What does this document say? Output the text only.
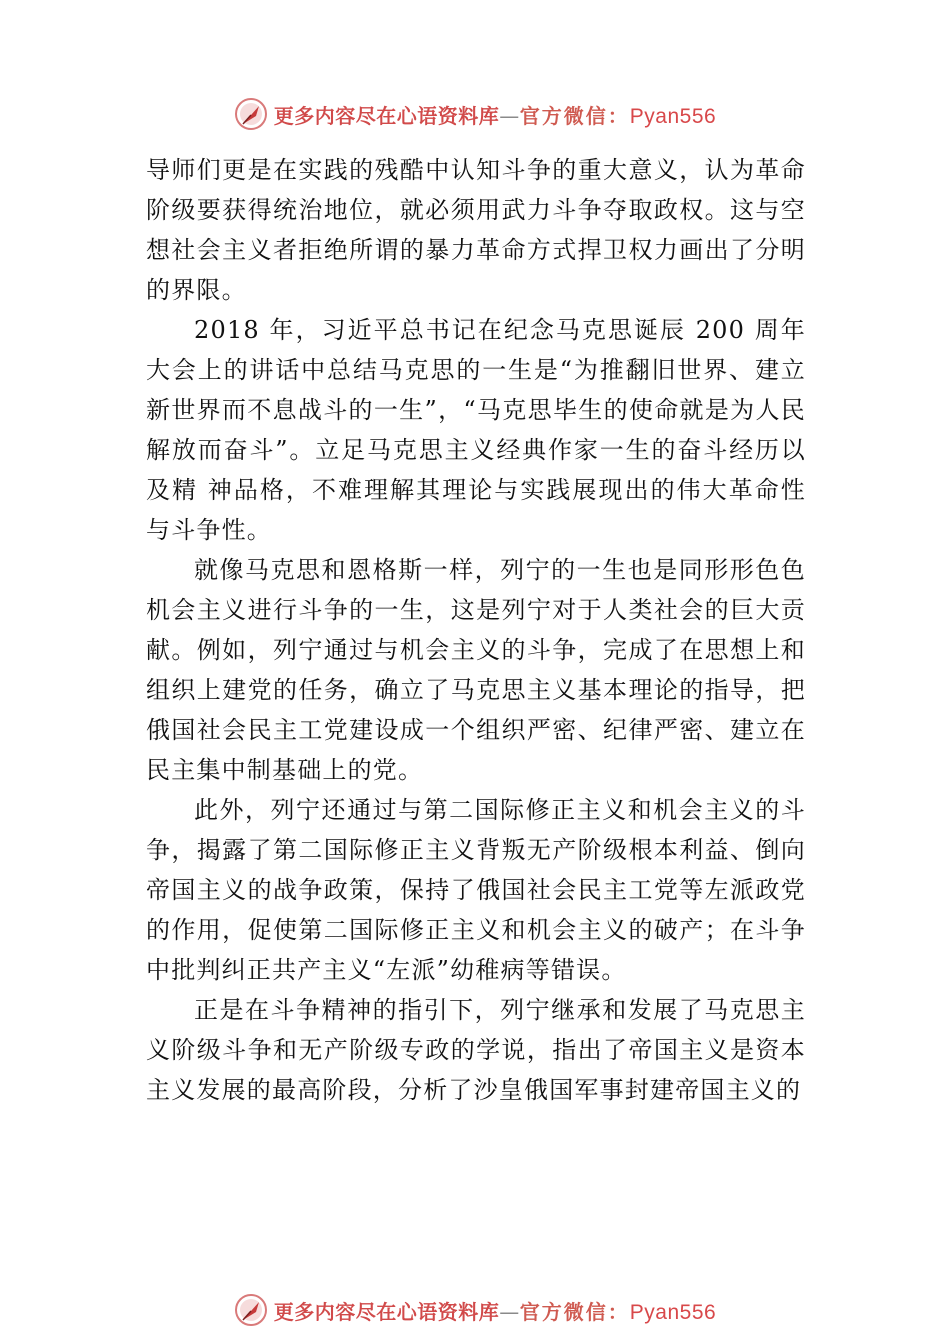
更多内容尽在心语资料库—官方微信：Pyan556

导师们更是在实践的残酷中认知斗争的重大意义，认为革命阶级要获得统治地位，就必须用武力斗争夺取政权。这与空想社会主义者拒绝所谓的暴力革命方式捍卫权力画出了分明的界限。

2018 年，习近平总书记在纪念马克思诞辰 200 周年大会上的讲话中总结马克思的一生是“为推翻旧世界、建立新世界而不息战斗的一生”，“马克思毕生的使命就是为人民解放而奋斗”。立足马克思主义经典作家一生的奋斗经历以及精 神品格，不难理解其理论与实践展现出的伟大革命性与斗争性。

就像马克思和恩格斯一样，列宁的一生也是同形形色色机会主义进行斗争的一生，这是列宁对于人类社会的巨大贡献。例如，列宁通过与机会主义的斗争，完成了在思想上和组织上建党的任务，确立了马克思主义基本理论的指导，把俄国社会民主工党建设成一个组织严密、纪律严密、建立在民主集中制基础上的党。

此外，列宁还通过与第二国际修正主义和机会主义的斗争，揭露了第二国际修正主义背叛无产阶级根本利益、倒向帝国主义的战争政策，保持了俄国社会民主工党等左派政党的作用，促使第二国际修正主义和机会主义的破产；在斗争中批判纠正共产主义“左派”幼稚病等错误。

正是在斗争精神的指引下，列宁继承和发展了马克思主义阶级斗争和无产阶级专政的学说，指出了帝国主义是资本主义发展的最高阶段，分析了沙皇俄国军事封建帝国主义的

更多内容尽在心语资料库—官方微信：Pyan556
